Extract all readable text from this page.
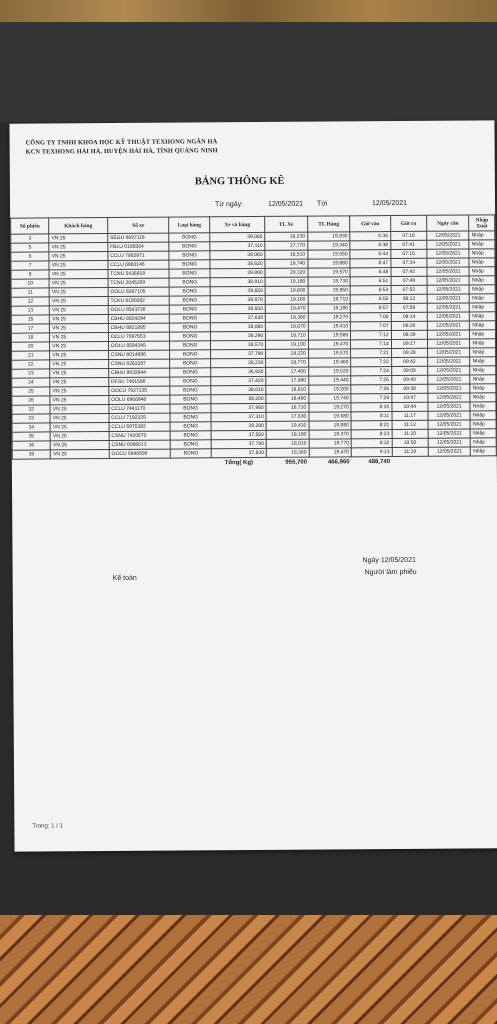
CÔNG TY TNHH KHOA HỌC KỸ THUẬT TEXHONG NGÂN HÀ
KCN TEXHONG HẢI HÀ, HUYỆN HẢI HÀ, TỈNH QUẢNG NINH
BẢNG THÔNG KÊ
Từ ngày:	12/05/2021 Tới	12/05/2021
Số phiếu	Khách hàng	Số xe	Loại hàng	Xe và hàng	TL Xe	TL Hàng	Giờ vào	Giờ ra	Ngày cân	Nhập Xuất
3	VN 25	SEGU 6697118	BONG	39,060	19,230	19,830	6:36	07:18	12/05/2021	Nhập
5	VN 25	FBLU 0195564	BONG	37,110	17,770	19,340	6:38	07:41	12/05/2021	Nhập
6	VN 25	CCLU 7862971	BONG	38,060	18,510	19,550	6:44	07:15	12/05/2021	Nhập
7	VN 25	CCLU 6860146	BONG	38,620	18,740	19,880	6:47	07:34	12/05/2021	Nhập
8	VN 25	TCNU 5436918	BONG	39,890	20,320	19,570	6:48	07:42	12/05/2021	Nhập
10	VN 25	TCNU 2045289	BONG	38,910	19,180	19,730	6:51	07:48	12/05/2021	Nhập
11	VN 25	OOLU 8287105	BONG	39,650	19,800	19,850	6:53	07:52	12/05/2021	Nhập
12	VN 25	TCKU 6180282	BONG	38,870	19,160	19,710	6:55	08:12	12/05/2021	Nhập
13	VN 25	OOLU 8543726	BONG	38,650	19,470	19,180	6:57	07:59	12/05/2021	Nhập
15	VN 25	CBHU 8824284	BONG	37,630	18,360	19,270	7:00	08:14	12/05/2021	Nhập
17	VN 25	CBHU 8821895	BONG	38,080	18,670	19,410	7:07	08:26	12/05/2021	Nhập
18	VN 25	OCLU 7097553	BONG	38,290	18,710	19,580	7:12	08:39	12/05/2021	Nhập
20	VN 25	OOLU 8594349	BONG	38,570	19,100	19,470	7:14	09:17	12/05/2021	Nhập
21	VN 25	CSNU 8014886	BONG	37,790	18,220	19,570	7:21	09:28	12/05/2021	Nhập
22	VN 25	CSNU 6262287	BONG	38,230	18,770	19,460	7:22	09:42	12/05/2021	Nhập
23	VN 25	CBHU 9032844	BONG	36,920	17,400	19,520	7:24	09:08	12/05/2021	Nhập
24	VN 25	DFSU 7401586	BONG	37,420	17,980	19,440	7:25	09:40	12/05/2021	Nhập
25	VN 25	OOCU 7927135	BONG	38,010	18,810	19,200	7:26	09:38	12/05/2021	Nhập
26	VN 25	OOLU 6966848	BONG	38,200	18,460	19,740	7:28	10:47	12/05/2021	Nhập
32	VN 25	CCLU 7441170	BONG	37,980	18,710	19,270	8:10	10:44	12/05/2021	Nhập
33	VN 25	CCLU 7192329	BONG	37,310	17,630	19,680	8:11	11:17	12/05/2021	Nhập
34	VN 25	CCLU 6975382	BONG	39,290	19,410	19,880	8:21	11:12	12/05/2021	Nhập
35	VN 25	CSNU 7420670	BONG	37,550	18,180	19,370	8:23	11:20	12/05/2021	Nhập
36	VN 25	CSNU 6086613	BONG	37,780	18,010	19,770	8:32	10:50	12/05/2021	Nhập
39	VN 25	OOCU 6940699	BONG	37,830	18,360	19,470	9:13	11:19	12/05/2021	Nhập
				Tổng( Kg)	955,700	466,960	488,740			
Kế toán
Ngày 12/05/2021
Người làm phiếu
Trang: 1 / 1
